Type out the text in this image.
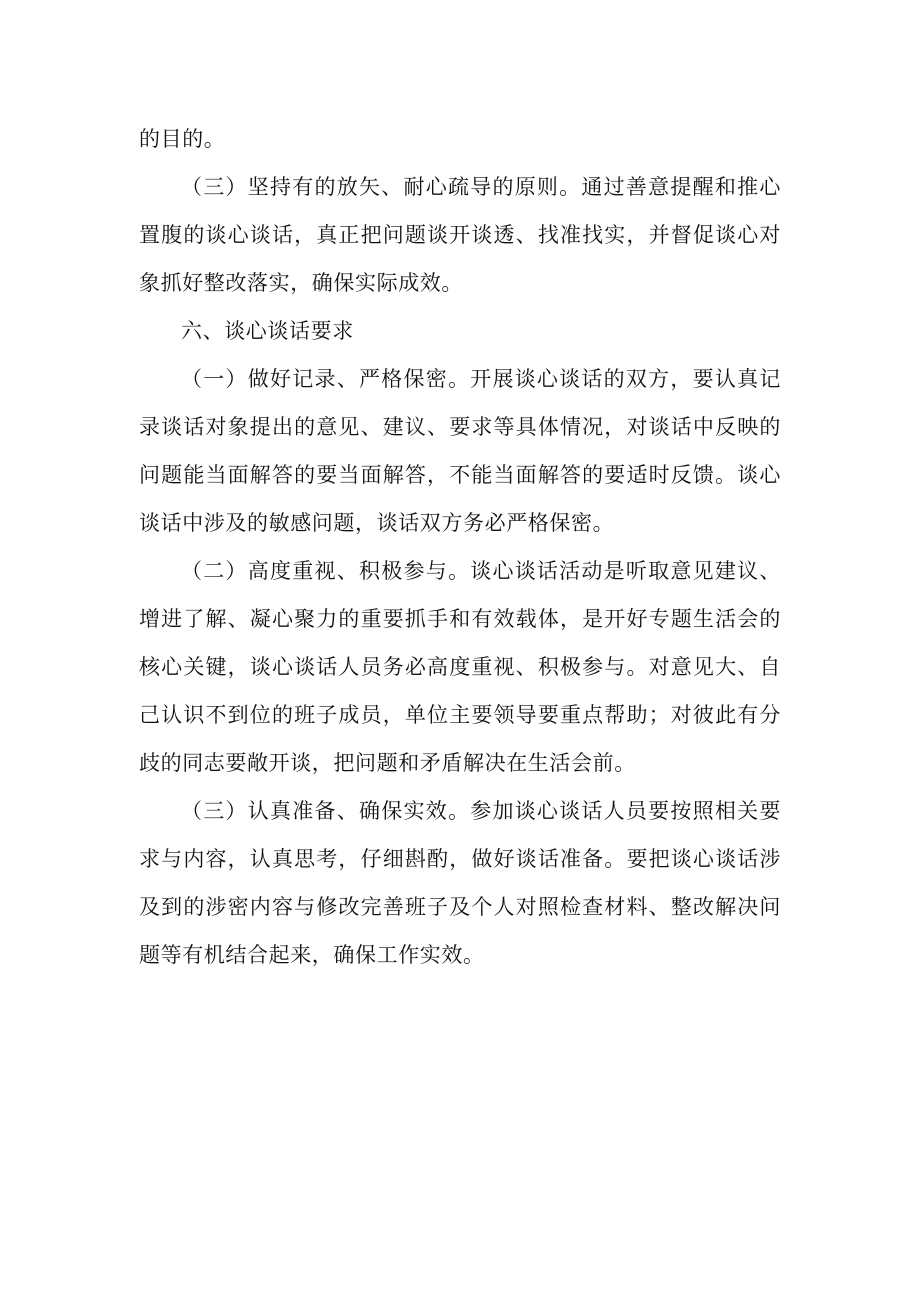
的目的。

（三）坚持有的放矢、耐心疏导的原则。通过善意提醒和推心置腹的谈心谈话，真正把问题谈开谈透、找准找实，并督促谈心对象抓好整改落实，确保实际成效。

六、谈心谈话要求

（一）做好记录、严格保密。开展谈心谈话的双方，要认真记录谈话对象提出的意见、建议、要求等具体情况，对谈话中反映的问题能当面解答的要当面解答，不能当面解答的要适时反馈。谈心谈话中涉及的敏感问题，谈话双方务必严格保密。

（二）高度重视、积极参与。谈心谈话活动是听取意见建议、增进了解、凝心聚力的重要抓手和有效载体，是开好专题生活会的核心关键，谈心谈话人员务必高度重视、积极参与。对意见大、自己认识不到位的班子成员，单位主要领导要重点帮助；对彼此有分歧的同志要敞开谈，把问题和矛盾解决在生活会前。

（三）认真准备、确保实效。参加谈心谈话人员要按照相关要求与内容，认真思考，仔细斟酌，做好谈话准备。要把谈心谈话涉及到的涉密内容与修改完善班子及个人对照检查材料、整改解决问题等有机结合起来，确保工作实效。
